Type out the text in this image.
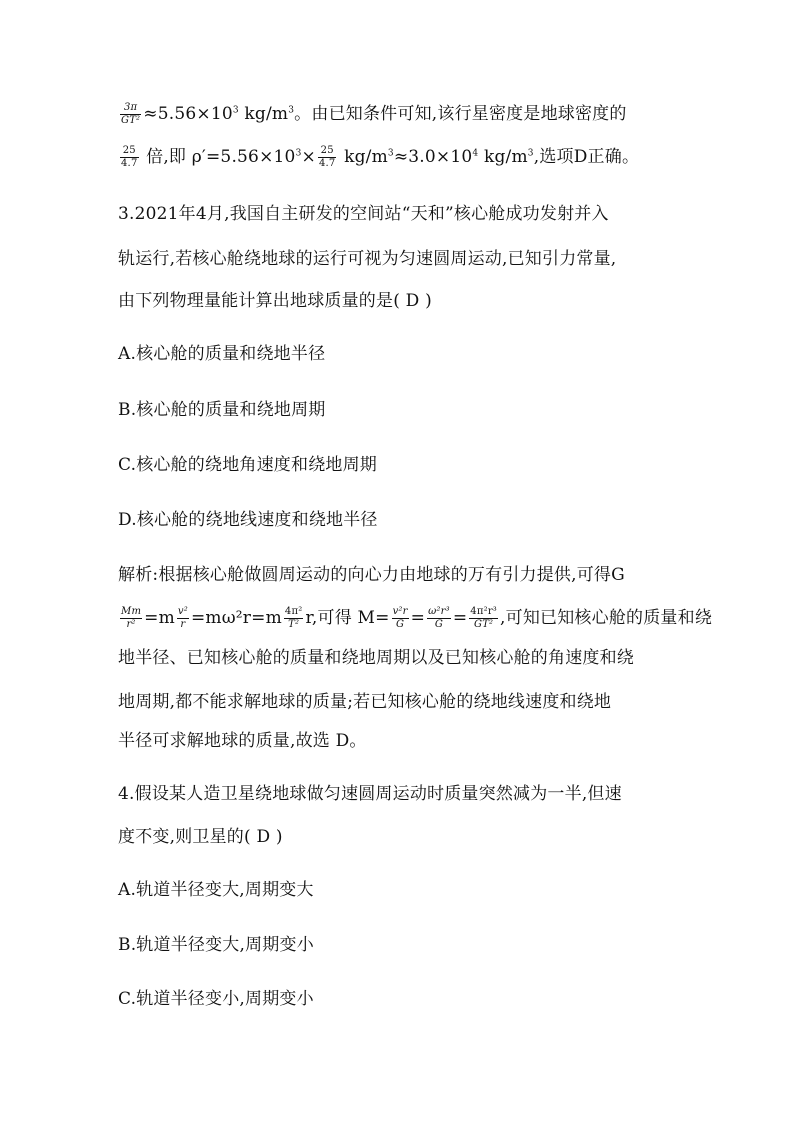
$\frac{3\pi}{\text{GT²}} \approx 5.56\times 10^3$ $kg/m^3$。由已知条件可知,该行星密度是地球密度的
$\frac{25}{4.7}$ 倍,即 $\rho'=5.56\times 10^3\times \frac{25}{4.7} kg/m^3\approx 3.0\times 10^4$ $kg/m^3$,选项D正确。
3.2021年4月,我国自主研发的空间站“天和”核心舱成功发射并入
轨运行,若核心舱绕地球的运行可视为匀速圆周运动,已知引力常量,
由下列物理量能计算出地球质量的是( D )
A.核心舱的质量和绕地半径
B.核心舱的质量和绕地周期
C.核心舱的绕地角速度和绕地周期
D.核心舱的绕地线速度和绕地半径
解析:根据核心舱做圆周运动的向心力由地球的万有引力提供,可得G
$\frac{Mm}{\text{r²}} =m \frac{\text{v²}}{r} =m\omega^2r=m \frac{\text{4π²}}{\text{T²}} r$,可得 $M= \frac{\text{v²r}}{G} = \frac{\text{ω²r³}}{G} = \frac{\text{4π²r³}}{\text{GT²}}$ ,可知已知核心舱的质量和绕
地半径、已知核心舱的质量和绕地周期以及已知核心舱的角速度和绕
地周期,都不能求解地球的质量;若已知核心舱的绕地线速度和绕地
半径可求解地球的质量,故选 D。
4.假设某人造卫星绕地球做匀速圆周运动时质量突然减为一半,但速
度不变,则卫星的( D )
A.轨道半径变大,周期变大
B.轨道半径变大,周期变小
C.轨道半径变小,周期变小
